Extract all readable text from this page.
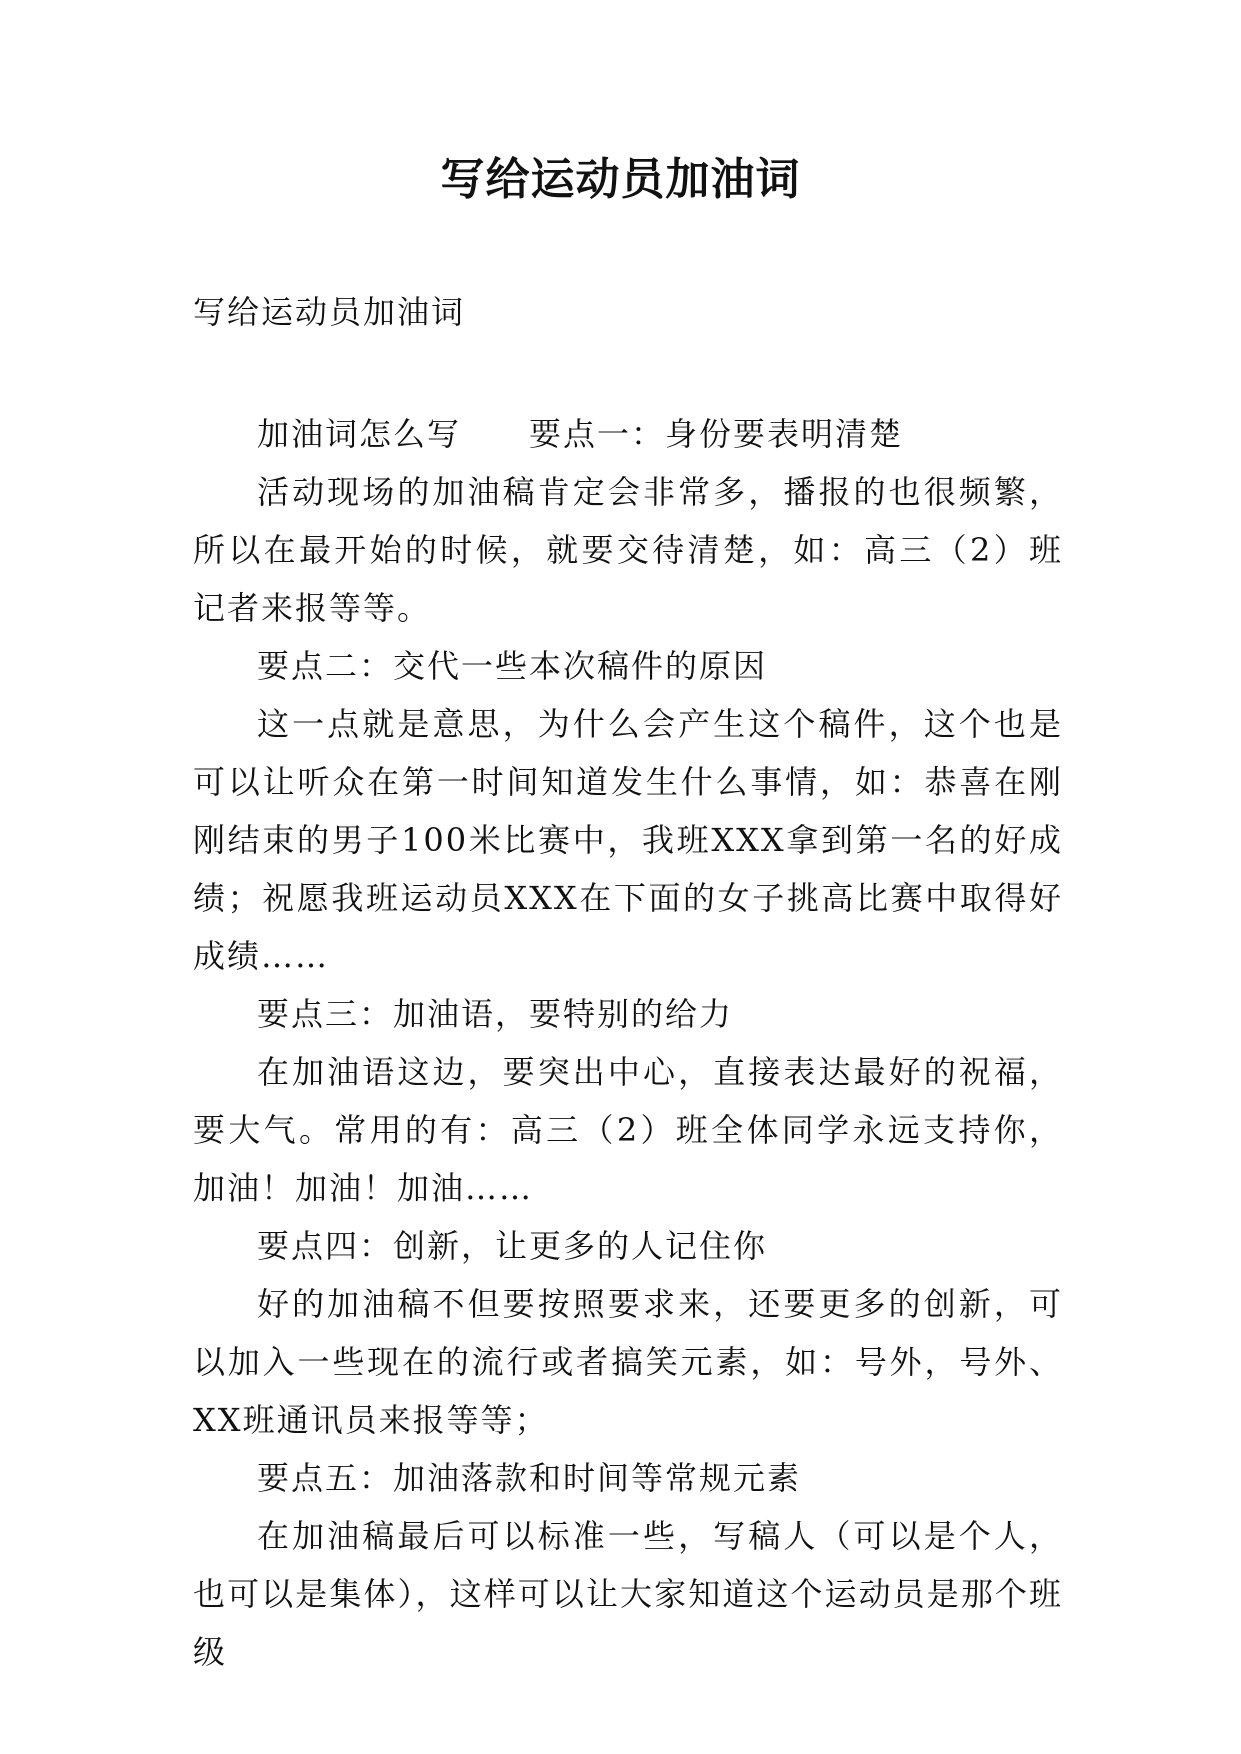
写给运动员加油词
写给运动员加油词

加油词怎么写　　要点一：身份要表明清楚

活动现场的加油稿肯定会非常多，播报的也很频繁，所以在最开始的时候，就要交待清楚，如：高三（2）班记者来报等等。

要点二：交代一些本次稿件的原因

这一点就是意思，为什么会产生这个稿件，这个也是可以让听众在第一时间知道发生什么事情，如：恭喜在刚刚结束的男子100米比赛中，我班XXX拿到第一名的好成绩；祝愿我班运动员XXX在下面的女子挑高比赛中取得好成绩……

要点三：加油语，要特别的给力

在加油语这边，要突出中心，直接表达最好的祝福，要大气。常用的有：高三（2）班全体同学永远支持你，加油！加油！加油……

要点四：创新，让更多的人记住你

好的加油稿不但要按照要求来，还要更多的创新，可以加入一些现在的流行或者搞笑元素，如：号外，号外、XX班通讯员来报等等；

要点五：加油落款和时间等常规元素

在加油稿最后可以标准一些，写稿人（可以是个人，也可以是集体），这样可以让大家知道这个运动员是那个班级
